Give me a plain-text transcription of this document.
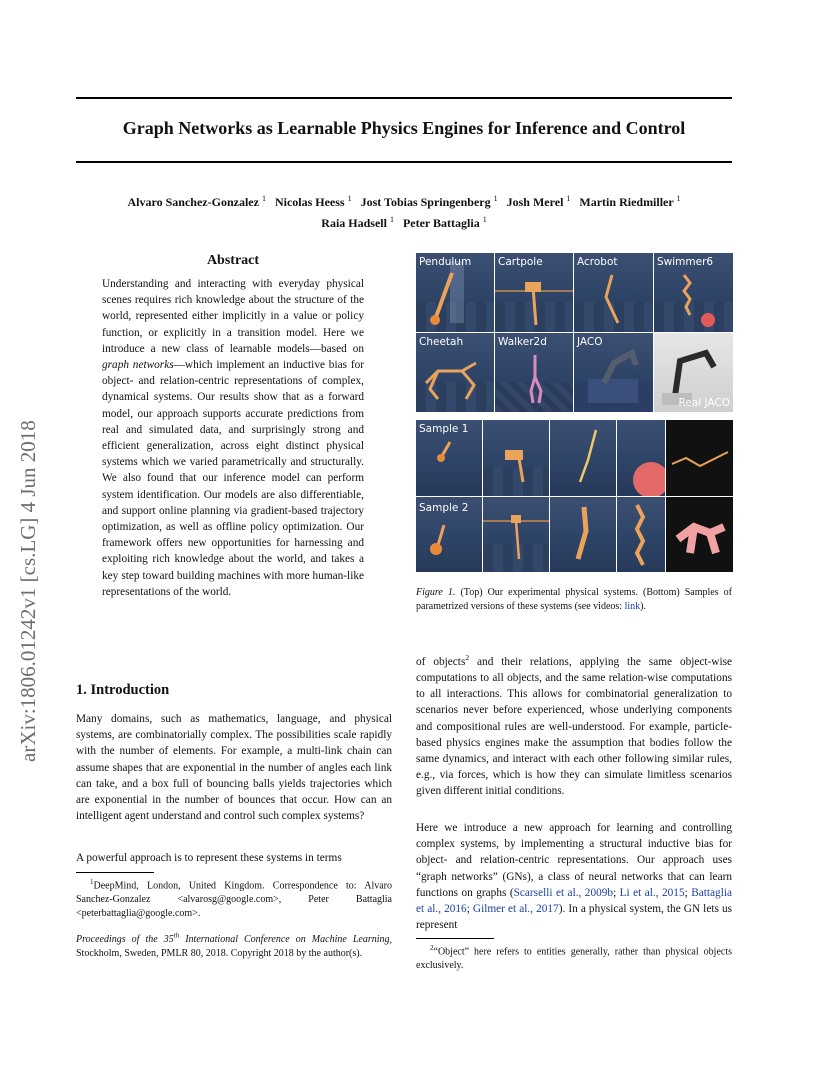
Graph Networks as Learnable Physics Engines for Inference and Control
Alvaro Sanchez-Gonzalez $^1$ Nicolas Heess $^1$ Jost Tobias Springenberg $^1$ Josh Merel $^1$ Martin Riedmiller $^1$
Raia Hadsell $^1$ Peter Battaglia $^1$
arXiv:1806.01242v1 [cs.LG] 4 Jun 2018
Abstract
Understanding and interacting with everyday physical scenes requires rich knowledge about the structure of the world, represented either implicitly in a value or policy function, or explicitly in a transition model. Here we introduce a new class of learnable models—based on graph networks—which implement an inductive bias for object- and relation-centric representations of complex, dynamical systems. Our results show that as a forward model, our approach supports accurate predictions from real and simulated data, and surprisingly strong and efficient generalization, across eight distinct physical systems which we varied parametrically and structurally. We also found that our inference model can perform system identification. Our models are also differentiable, and support online planning via gradient-based trajectory optimization, as well as offline policy optimization. Our framework offers new opportunities for harnessing and exploiting rich knowledge about the world, and takes a key step toward building machines with more human-like representations of the world.
1. Introduction
Many domains, such as mathematics, language, and physical systems, are combinatorially complex. The possibilities scale rapidly with the number of elements. For example, a multi-link chain can assume shapes that are exponential in the number of angles each link can take, and a box full of bouncing balls yields trajectories which are exponential in the number of bounces that occur. How can an intelligent agent understand and control such complex systems?
A powerful approach is to represent these systems in terms
$^1$DeepMind, London, United Kingdom. Correspondence to: Alvaro Sanchez-Gonzalez <alvarosg@google.com>, Peter Battaglia <peterbattaglia@google.com>.
Proceedings of the 35th International Conference on Machine Learning, Stockholm, Sweden, PMLR 80, 2018. Copyright 2018 by the author(s).
Pendulum	Cartpole	Acrobot	Swimmer6
Cheetah	Walker2d	JACO
Real JACO
Sample 1
Sample 2
Figure 1. (Top) Our experimental physical systems. (Bottom) Samples of parametrized versions of these systems (see videos: link).
of objects$^2$ and their relations, applying the same object-wise computations to all objects, and the same relation-wise computations to all interactions. This allows for combinatorial generalization to scenarios never before experienced, whose underlying components and compositional rules are well-understood. For example, particle-based physics engines make the assumption that bodies follow the same dynamics, and interact with each other following similar rules, e.g., via forces, which is how they can simulate limitless scenarios given different initial conditions.
Here we introduce a new approach for learning and controlling complex systems, by implementing a structural inductive bias for object- and relation-centric representations. Our approach uses “graph networks” (GNs), a class of neural networks that can learn functions on graphs (Scarselli et al., 2009b; Li et al., 2015; Battaglia et al., 2016; Gilmer et al., 2017). In a physical system, the GN lets us represent
$^2$“Object” here refers to entities generally, rather than physical objects exclusively.
